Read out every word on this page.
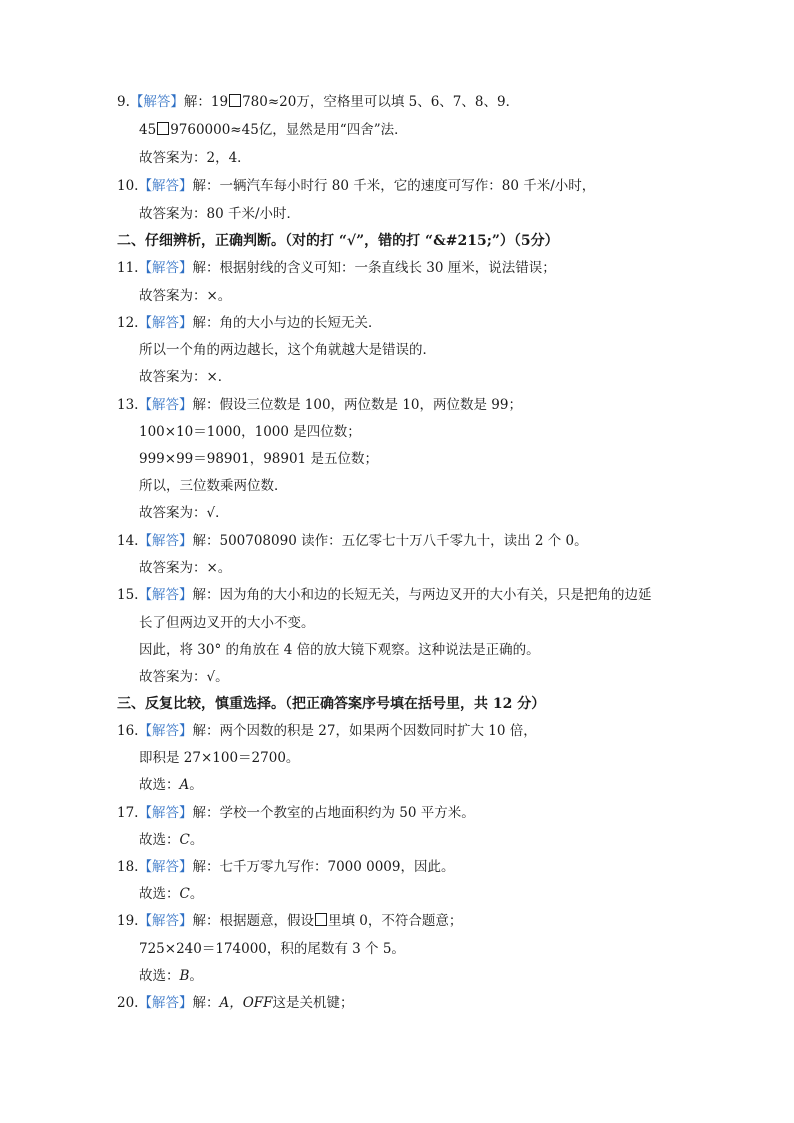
9.【解答】解：19 780≈20万，空格里可以填 5、6、7、8、9．
45 9760000≈45亿，显然是用“四舍”法．
故答案为：2，4．
10.【解答】解：一辆汽车每小时行 80 千米，它的速度可写作：80 千米/小时，
故答案为：80 千米/小时．
二、仔细辨析，正确判断。（对的打 “√”，错的打 “&#215;”）（5分）
11.【解答】解：根据射线的含义可知：一条直线长 30 厘米，说法错误；
故答案为：×。
12.【解答】解：角的大小与边的长短无关．
所以一个角的两边越长，这个角就越大是错误的．
故答案为：×．
13.【解答】解：假设三位数是 100，两位数是 10，两位数是 99；
100×10＝1000，1000 是四位数；
999×99＝98901，98901 是五位数；
所以，三位数乘两位数．
故答案为：√．
14.【解答】解：500708090 读作：五亿零七十万八千零九十，读出 2 个 0。
故答案为：×。
15.【解答】解：因为角的大小和边的长短无关，与两边叉开的大小有关，只是把角的边延
长了但两边叉开的大小不变。
因此，将 30° 的角放在 4 倍的放大镜下观察。这种说法是正确的。
故答案为：√。
三、反复比较，慎重选择。（把正确答案序号填在括号里，共 12 分）
16.【解答】解：两个因数的积是 27，如果两个因数同时扩大 10 倍，
即积是 27×100＝2700。
故选：A。
17.【解答】解：学校一个教室的占地面积约为 50 平方米。
故选：C。
18.【解答】解：七千万零九写作：7000 0009，因此。
故选：C。
19.【解答】解：根据题意，假设 里填 0，不符合题意；
725×240＝174000，积的尾数有 3 个 5。
故选：B。
20.【解答】解：A，OFF这是关机键；
